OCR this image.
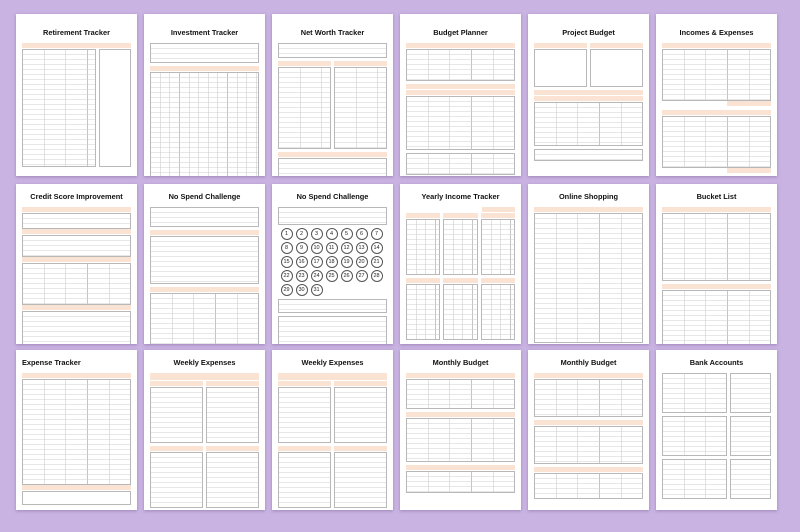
Retirement Tracker	Investment Tracker	Net Worth Tracker	Budget Planner	Project Budget	Incomes & Expenses
Credit Score Improvement	No Spend Challenge	No Spend Challenge
1	2	3	4	5	6	7
8	9	10	11	12	13	14
15	16	17	18	19	20	21
22	23	24	25	26	27	28
29	30	31
Yearly Income Tracker	Online Shopping	Bucket List
Expense Tracker	Weekly Expenses	Weekly Expenses	Monthly Budget	Monthly Budget	Bank Accounts
